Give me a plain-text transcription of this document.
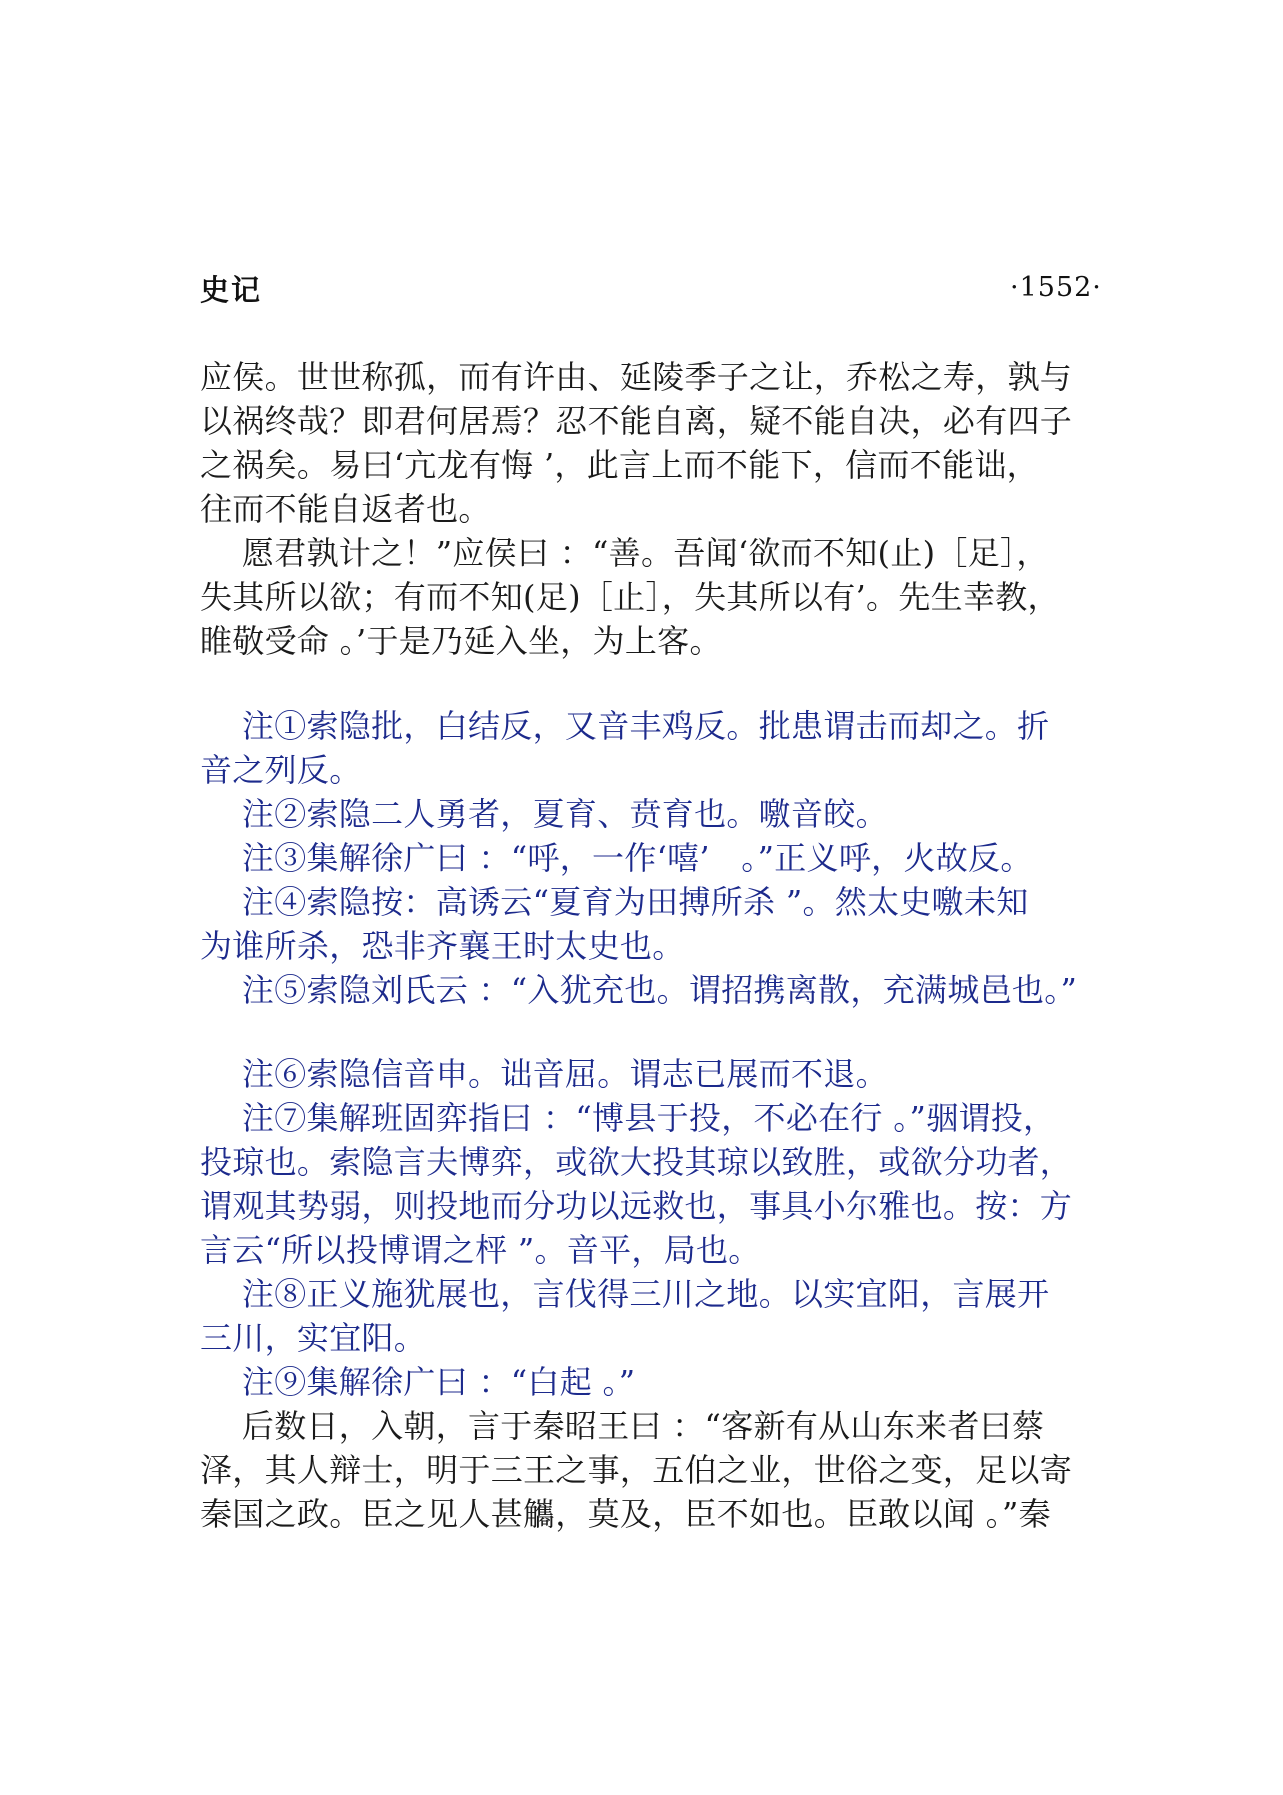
史记	·1552·
应侯。世世称孤，而有许由、延陵季子之让，乔松之寿，孰与
以祸终哉？即君何居焉？忍不能自离，疑不能自决，必有四子
之祸矣。易曰‘亢龙有悔 ’，此言上而不能下，信而不能诎，
往而不能自返者也。
愿君孰计之！”应侯曰 ：“善。吾闻‘欲而不知(止)［足］，
失其所以欲；有而不知(足)［止］，失其所以有’。先生幸教，
睢敬受命 。’于是乃延入坐，为上客。
注①索隐批，白结反，又音丰鸡反。批患谓击而却之。折
音之列反。
注②索隐二人勇者，夏育、贲育也。噭音皎。
注③集解徐广曰 ：“呼，一作‘嘻’   。”正义呼，火故反。
注④索隐按：高诱云“夏育为田搏所杀 ”。然太史噭未知
为谁所杀，恐非齐襄王时太史也。
注⑤索隐刘氏云 ：“入犹充也。谓招携离散，充满城邑也。”
注⑥索隐信音申。诎音屈。谓志已展而不退。
注⑦集解班固弈指曰 ：“博县于投，不必在行 。”骃谓投，
投琼也。索隐言夫博弈，或欲大投其琼以致胜，或欲分功者，
谓观其势弱，则投地而分功以远救也，事具小尔雅也。按：方
言云“所以投博谓之枰 ”。音平，局也。
注⑧正义施犹展也，言伐得三川之地。以实宜阳，言展开
三川，实宜阳。
注⑨集解徐广曰 ：“白起 。”
后数日，入朝，言于秦昭王曰 ：“客新有从山东来者曰蔡
泽，其人辩士，明于三王之事，五伯之业，世俗之变，足以寄
秦国之政。臣之见人甚觿，莫及，臣不如也。臣敢以闻 。”秦
